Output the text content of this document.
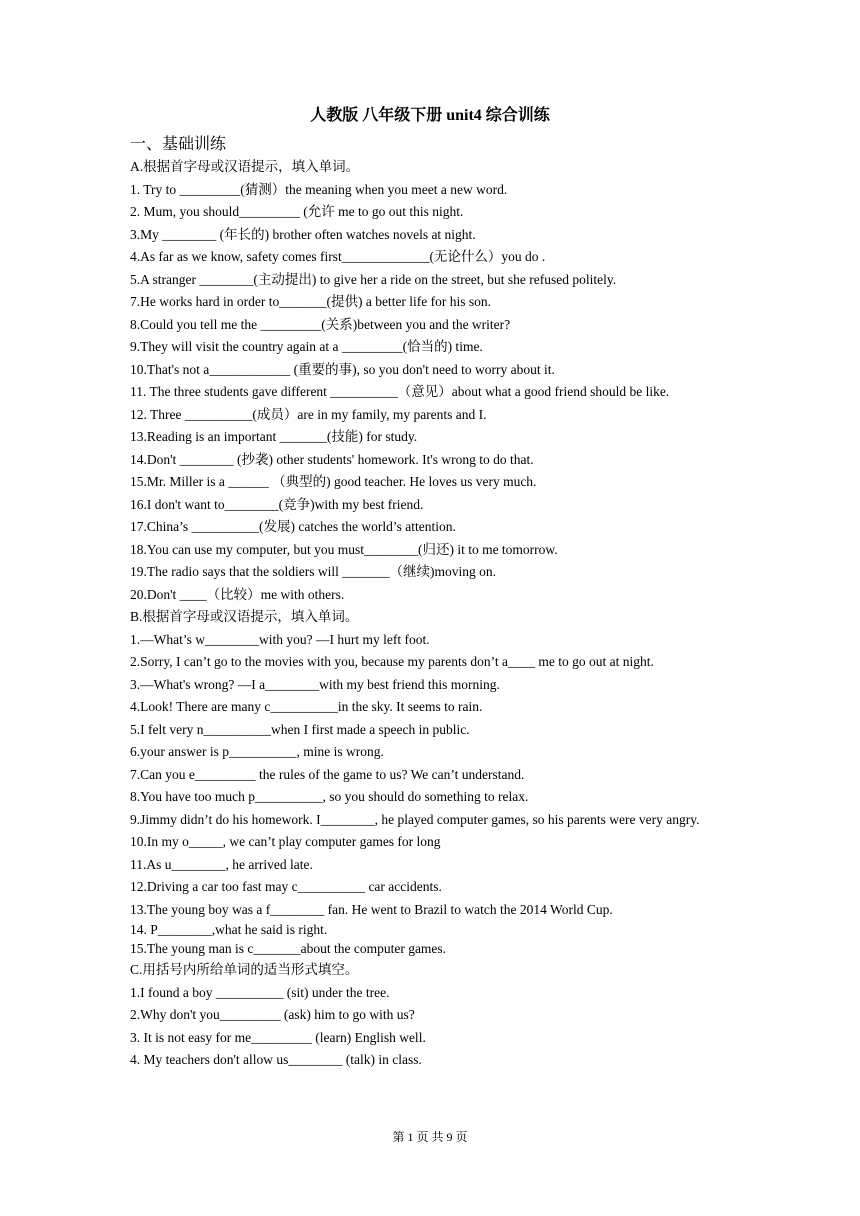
人教版 八年级下册 unit4 综合训练
一、基础训练
A.根据首字母或汉语提示，填入单词。
1. Try to _________(猜测）the meaning when you meet a new word.
2. Mum, you should_________ (允许 me to go out this night.
3.My ________ (年长的) brother often watches novels at night.
4.As far as we know, safety comes first_____________(无论什么）you do .
5.A stranger ________(主动提出) to give her a ride on the street, but she refused politely.
7.He works hard in order to_______(提供) a better life for his son.
8.Could you tell me the _________(关系)between you and the writer?
9.They will visit the country again at a _________(恰当的) time.
10.That's not a____________ (重要的事), so you don't need to worry about it.
11. The three students gave different __________（意见）about what a good friend should be like.
12. Three __________(成员）are in my family, my parents and I.
13.Reading is an important _______(技能) for study.
14.Don't ________ (抄袭) other students' homework. It's wrong to do that.
15.Mr. Miller is a ______ （典型的) good teacher. He loves us very much.
16.I don't want to________(竞争)with my best friend.
17.China’s __________(发展) catches the world’s attention.
18.You can use my computer, but you must________(归还) it to me tomorrow.
19.The radio says that the soldiers will _______（继续)moving on.
20.Don't ____（比较）me with others.
B.根据首字母或汉语提示，填入单词。
1.—What’s w________with you? —I hurt my left foot.
2.Sorry, I can’t go to the movies with you, because my parents don’t a____ me to go out at night.
3.—What's wrong? —I a________with my best friend this morning.
4.Look! There are many c__________in the sky. It seems to rain.
5.I felt very n__________when I first made a speech in public.
6.your answer is p__________, mine is wrong.
7.Can you e_________ the rules of the game to us? We can’t understand.
8.You have too much p__________, so you should do something to relax.
9.Jimmy didn’t do his homework. I________, he played computer games, so his parents were very angry.
10.In my o_____, we can’t play computer games for long
11.As u________, he arrived late.
12.Driving a car too fast may c__________ car accidents.
13.The young boy was a f________ fan. He went to Brazil to watch the 2014 World Cup.
14. P________,what he said is right.
15.The young man is c_______about the computer games.
C.用括号内所给单词的适当形式填空。
1.I found a boy __________ (sit) under the tree.
2.Why don't you_________ (ask) him to go with us?
3. It is not easy for me_________ (learn) English well.
4. My teachers don't allow us________ (talk) in class.
第 1 页 共 9 页
